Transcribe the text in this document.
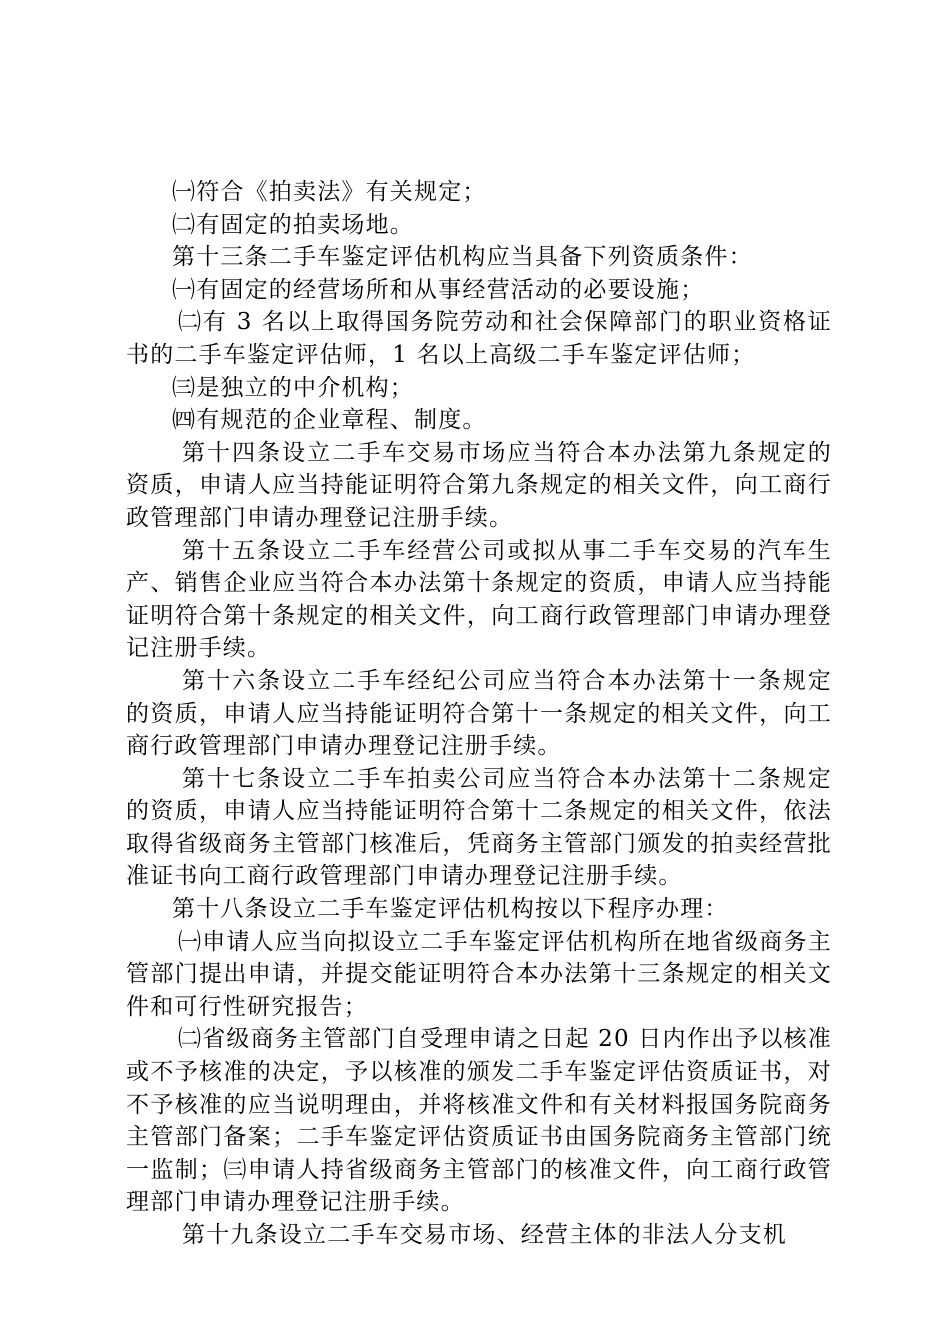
㈠符合《拍卖法》有关规定；

㈡有固定的拍卖场地。

第十三条二手车鉴定评估机构应当具备下列资质条件：

㈠有固定的经营场所和从事经营活动的必要设施；

㈡有 3 名以上取得国务院劳动和社会保障部门的职业资格证书的二手车鉴定评估师，1 名以上高级二手车鉴定评估师；

㈢是独立的中介机构；

㈣有规范的企业章程、制度。

第十四条设立二手车交易市场应当符合本办法第九条规定的资质，申请人应当持能证明符合第九条规定的相关文件，向工商行政管理部门申请办理登记注册手续。

第十五条设立二手车经营公司或拟从事二手车交易的汽车生产、销售企业应当符合本办法第十条规定的资质，申请人应当持能证明符合第十条规定的相关文件，向工商行政管理部门申请办理登记注册手续。

第十六条设立二手车经纪公司应当符合本办法第十一条规定的资质，申请人应当持能证明符合第十一条规定的相关文件，向工商行政管理部门申请办理登记注册手续。

第十七条设立二手车拍卖公司应当符合本办法第十二条规定的资质，申请人应当持能证明符合第十二条规定的相关文件，依法取得省级商务主管部门核准后，凭商务主管部门颁发的拍卖经营批准证书向工商行政管理部门申请办理登记注册手续。

第十八条设立二手车鉴定评估机构按以下程序办理：

㈠申请人应当向拟设立二手车鉴定评估机构所在地省级商务主管部门提出申请，并提交能证明符合本办法第十三条规定的相关文件和可行性研究报告；

㈡省级商务主管部门自受理申请之日起 20 日内作出予以核准或不予核准的决定，予以核准的颁发二手车鉴定评估资质证书，对不予核准的应当说明理由，并将核准文件和有关材料报国务院商务主管部门备案；二手车鉴定评估资质证书由国务院商务主管部门统一监制；㈢申请人持省级商务主管部门的核准文件，向工商行政管理部门申请办理登记注册手续。

第十九条设立二手车交易市场、经营主体的非法人分支机
